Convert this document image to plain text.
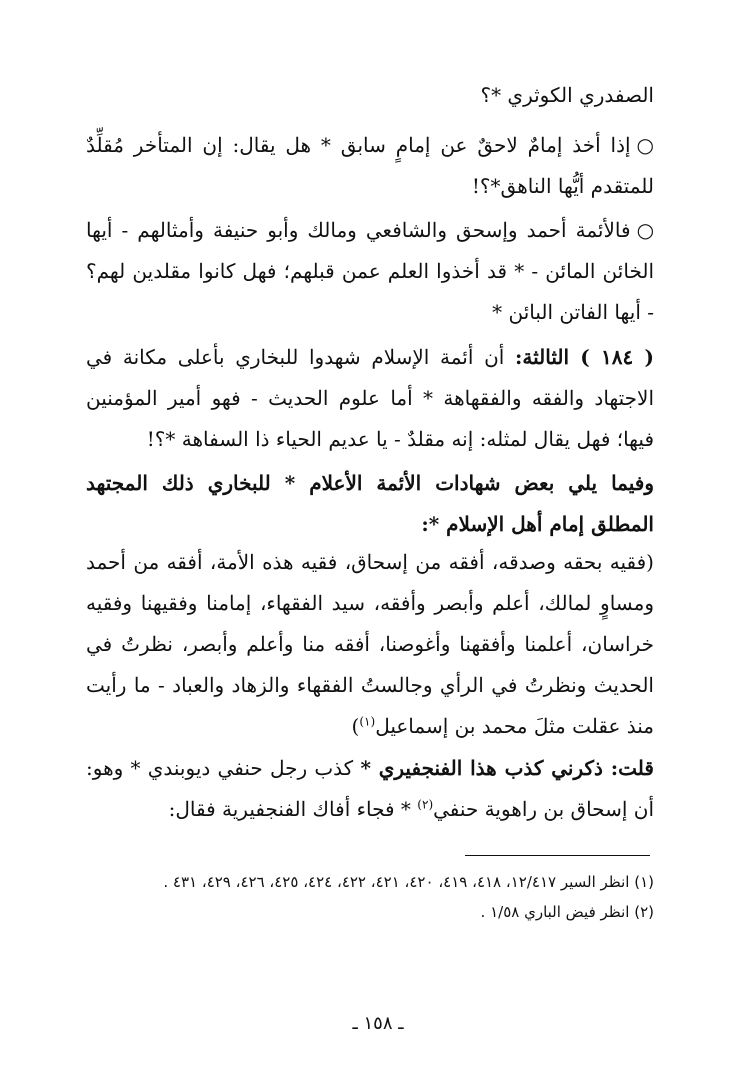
الصفدري الكوثري *؟

○إذا أخذ إمامٌ لاحقٌ عن إمامٍ سابق * هل يقال: إن المتأخر مُقلِّدٌ للمتقدم أيُّها الناهق*؟!

○فالأئمة أحمد وإسحق والشافعي ومالك وأبو حنيفة وأمثالهم - أيها الخائن المائن - * قد أخذوا العلم عمن قبلهم؛ فهل كانوا مقلدين لهم؟ - أيها الفاتن البائن *

( ١٨٤ ) الثالثة: أن أئمة الإسلام شهدوا للبخاري بأعلى مكانة في الاجتهاد والفقه والفقهاهة * أما علوم الحديث - فهو أمير المؤمنين فيها؛ فهل يقال لمثله: إنه مقلدٌ - يا عديم الحياء ذا السفاهة *؟!

وفيما يلي بعض شهادات الأئمة الأعلام * للبخاري ذلك المجتهد المطلق إمام أهل الإسلام *:

(فقيه بحقه وصدقه، أفقه من إسحاق، فقيه هذه الأمة، أفقه من أحمد ومساوٍ لمالك، أعلم وأبصر وأفقه، سيد الفقهاء، إمامنا وفقيهنا وفقيه خراسان، أعلمنا وأفقهنا وأغوصنا، أفقه منا وأعلم وأبصر، نظرتُ في الحديث ونظرتُ في الرأي وجالستُ الفقهاء والزهاد والعباد - ما رأيت منذ عقلت مثلَ محمد بن إسماعيل$^{(١)}$)

قلت: ذكرني كذب هذا الفنجفيري * كذب رجل حنفي ديوبندي * وهو: أن إسحاق بن راهوية حنفي$^{(٢)}$ * فجاء أفاك الفنجفيرية فقال:

(١) انظر السير ١٢/٤١٧، ٤١٨، ٤١٩، ٤٢٠، ٤٢١، ٤٢٢، ٤٢٤، ٤٢٥، ٤٢٦، ٤٢٩، ٤٣١ .

(٢) انظر فيض الباري ١/٥٨ .

ـ ١٥٨ ـ
